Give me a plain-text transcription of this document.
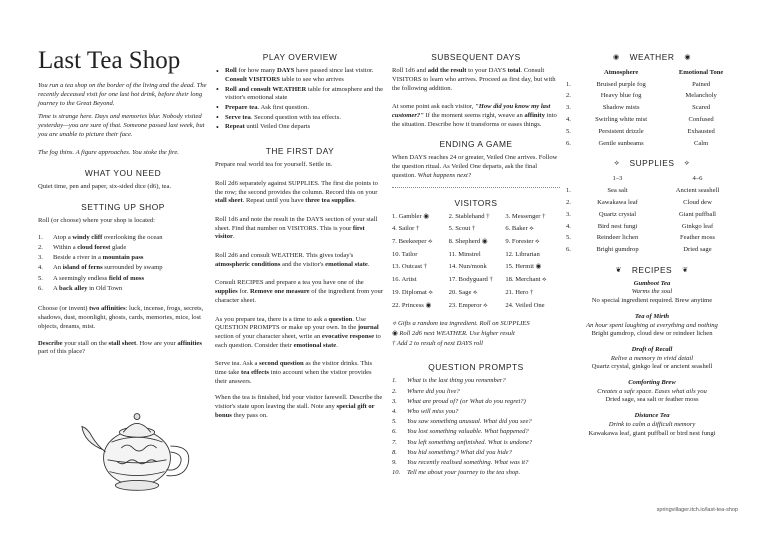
Last Tea Shop

You run a tea shop on the border of the living and the dead. The recently deceased visit for one last hot drink, before their long journey to the Great Beyond.

Time is strange here. Days and memories blur. Nobody visited yesterday—you are sure of that. Someone passed last week, but you are unable to picture their face.

The fog thins. A figure approaches. You stoke the fire.

WHAT YOU NEED

Quiet time, pen and paper, six-sided dice (d6), tea.

SETTING UP SHOP

Roll (or choose) where your shop is located:

1.	Atop a windy cliff overlooking the ocean
2.	Within a cloud forest glade
3.	Beside a river in a mountain pass
4.	An island of ferns surrounded by swamp
5.	A seemingly endless field of moss
6.	A back alley in Old Town

Choose (or invent) two affinities: luck, incense, frogs, secrets, shadows, dust, moonlight, ghosts, cards, memories, mice, lost objects, dreams, mist.

Describe your stall on the stall sheet. How are your affinities part of this place?

PLAY OVERVIEW
• Roll for how many DAYS have passed since last visitor. Consult VISITORS table to see who arrives
• Roll and consult WEATHER table for atmosphere and the visitor's emotional state
• Prepare tea. Ask first question.
• Serve tea. Second question with tea effects.
• Repeat until Veiled One departs
THE FIRST DAY

Prepare real world tea for yourself. Settle in.

Roll 2d6 separately against SUPPLIES. The first die points to the row; the second provides the column. Record this on your stall sheet. Repeat until you have three tea supplies.

Roll 1d6 and note the result in the DAYS section of your stall sheet. Find that number on VISITORS. This is your first visitor.

Roll 2d6 and consult WEATHER. This gives today's atmospheric conditions and the visitor's emotional state.

Consult RECIPES and prepare a tea you have one of the supplies for. Remove one measure of the ingredient from your character sheet.

As you prepare tea, there is a time to ask a question. Use QUESTION PROMPTS or make up your own. In the journal section of your character sheet, write an evocative response to each question. Consider their emotional state.

Serve tea. Ask a second question as the visitor drinks. This time take tea effects into account when the visitor provides their answers.

When the tea is finished, bid your visitor farewell. Describe the visitor's state upon leaving the stall. Note any special gift or bonus they pass on.

SUBSEQUENT DAYS

Roll 1d6 and add the result to your DAYS total. Consult VISITORS to learn who arrives. Proceed as first day, but with the following addition.

At some point ask each visitor, "How did you know my last customer?" If the moment seems right, weave an affinity into the situation. Describe how it transforms or eases things.

ENDING A GAME

When DAYS reaches 24 or greater, Veiled One arrives. Follow the question ritual. As Veiled One departs, ask the final question. What happens next?

VISITORS
1. Gambler ◉	2. Stablehand †	3. Messenger †
4. Sailor †	5. Scout †	6. Baker ⟡
7. Beekeeper ⟡	8. Shepherd ◉	9. Forester ⟡
10. Tailor	11. Minstrel	12. Librarian
13. Outcast †	14. Nun/monk	15. Hermit ◉
16. Artist	17. Bodyguard †	18. Merchant ⟡
19. Diplomat ⟡	20. Sage ⟡	21. Hero †
22. Princess ◉	23. Emperor ⟡	24. Veiled One
⟡ Gifts a random tea ingredient. Roll on SUPPLIES
◉ Roll 2d6 next WEATHER. Use higher result
† Add 2 to result of next DAYS roll
QUESTION PROMPTS
1.	What is the last thing you remember?
2.	Where did you live?
3.	What are proud of? (or What do you regret?)
4.	Who will miss you?
5.	You saw something unusual. What did you see?
6.	You lost something valuable. What happened?
7.	You left something unfinished. What is undone?
8.	You hid something? What did you hide?
9.	You recently realised something. What was it?
10. Tell me about your journey to the tea shop.
◉ WEATHER ◉
	Atmosphere	Emotional Tone
1.	Bruised purple fog	Pained
2.	Heavy blue fog	Melancholy
3.	Shadow mists	Scared
4.	Swirling white mist	Confused
5.	Persistent drizzle	Exhausted
6.	Gentle sunbeams	Calm
⟡ SUPPLIES ⟡
	1–3	4–6
1.	Sea salt	Ancient seashell
2.	Kawakawa leaf	Cloud dew
3.	Quartz crystal	Giant puffball
4.	Bird nest fungi	Ginkgo leaf
5.	Reindeer lichen	Feather moss
6.	Bright gumdrop	Dried sage
❦ RECIPES ❦
Gumboot Tea
Warms the soul
No special ingredient required. Brew anytime
Tea of Mirth
An hour spent laughing at everything and nothing
Bright gumdrop, cloud dew or reindeer lichen
Draft of Recall
Relive a memory in vivid detail
Quartz crystal, ginkgo leaf or ancient seashell
Comforting Brew
Creates a safe space. Eases what ails you
Dried sage, sea salt or feather moss
Distance Tea
Drink to calm a difficult memory
Kawakawa leaf, giant puffball or bird nest fungi
springvillager.itch.io/last-tea-shop
